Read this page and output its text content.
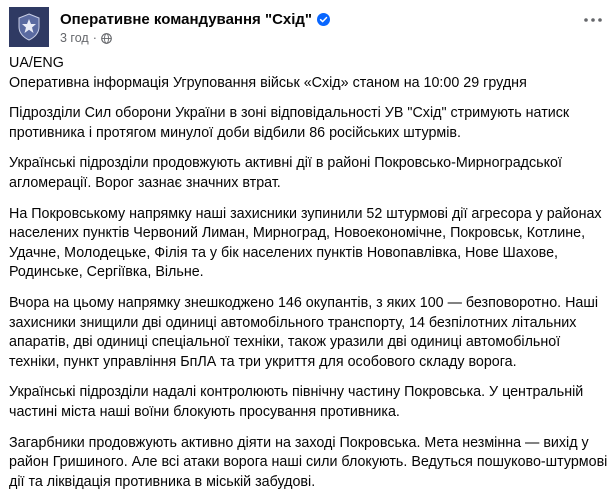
Оперативне командування "Схід"
3 год ·

UA/ENG

Оперативна інформація Угруповання військ «Схід» станом на 10:00 29 грудня

Підрозділи Сил оборони України в зоні відповідальності УВ "Схід" стримують натиск противника і протягом минулої доби відбили 86 російських штурмів.

Українські підрозділи продовжують активні дії в районі Покровсько-Мирноградської агломерації. Ворог зазнає значних втрат.

На Покровському напрямку наші захисники зупинили 52 штурмові дії агресора у районах населених пунктів Червоний Лиман, Мирноград, Новоекономічне, Покровськ, Котлине, Удачне, Молодецьке, Філія та у бік населених пунктів Новопавлівка, Нове Шахове, Родинське, Сергіївка, Вільне.

Вчора на цьому напрямку знешкоджено 146 окупантів, з яких 100 — безповоротно. Наші захисники знищили дві одиниці автомобільного транспорту, 14 безпілотних літальних апаратів, дві одиниці спеціальної техніки, також уразили дві одиниці автомобільної техніки, пункт управління БпЛА та три укриття для особового складу ворога.

Українські підрозділи надалі контролюють північну частину Покровська. У центральній частині міста наші воїни блокують просування противника.

Загарбники продовжують активно діяти на заході Покровська. Мета незмінна — вихід у район Гришиного. Але всі атаки ворога наші сили блокують. Ведуться пошуково-штурмові дії та ліквідація противника в міській забудові.
